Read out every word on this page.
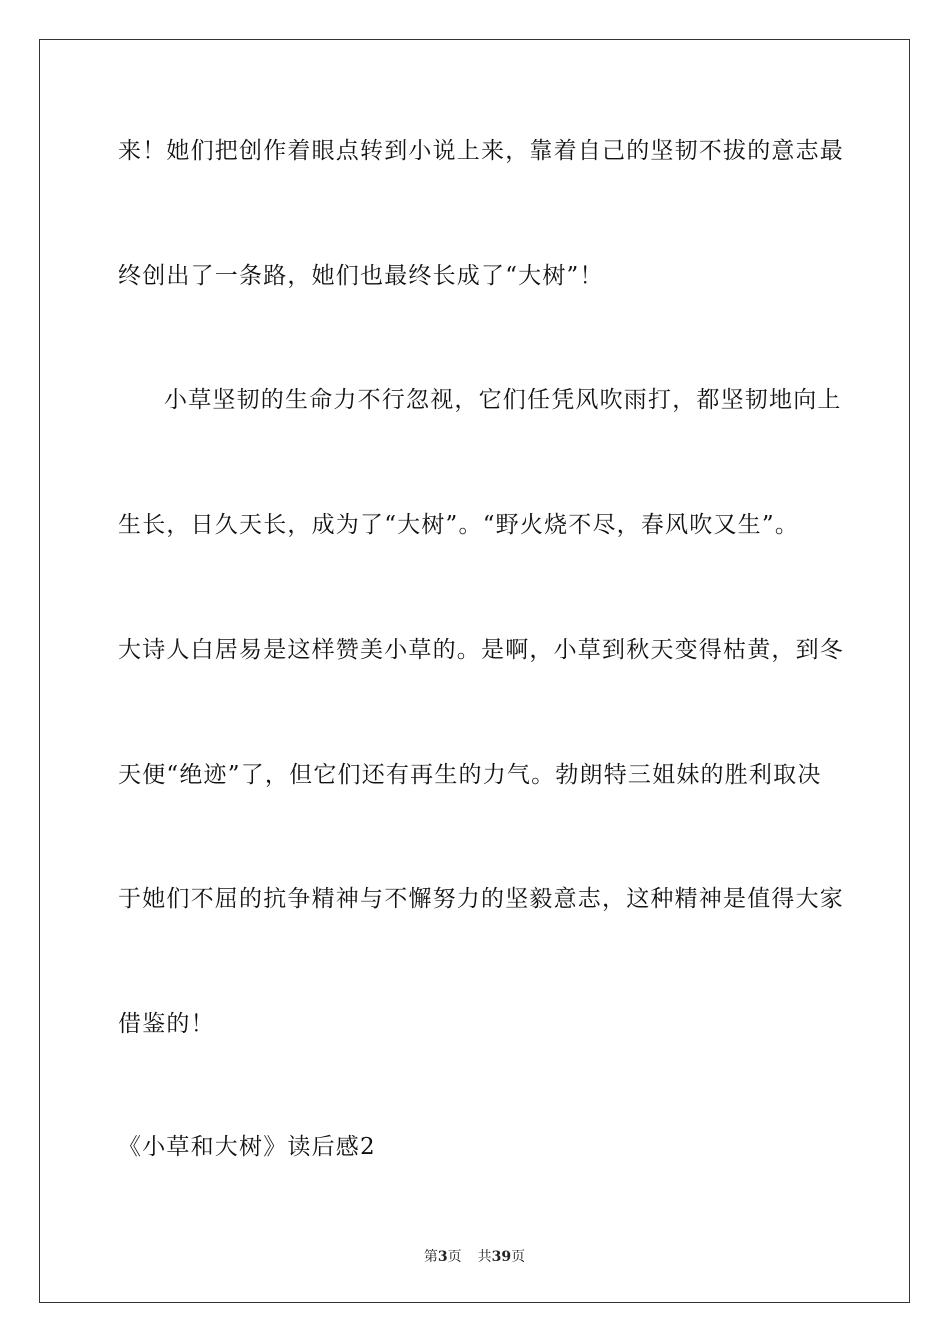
来！她们把创作着眼点转到小说上来，靠着自己的坚韧不拔的意志最
终创出了一条路，她们也最终长成了“大树”！
小草坚韧的生命力不行忽视，它们任凭风吹雨打，都坚韧地向上
生长，日久天长，成为了“大树”。“野火烧不尽，春风吹又生”。
大诗人白居易是这样赞美小草的。是啊，小草到秋天变得枯黄，到冬
天便“绝迹”了，但它们还有再生的力气。勃朗特三姐妹的胜利取决
于她们不屈的抗争精神与不懈努力的坚毅意志，这种精神是值得大家
借鉴的！
《小草和大树》读后感2
第3页 共39页
